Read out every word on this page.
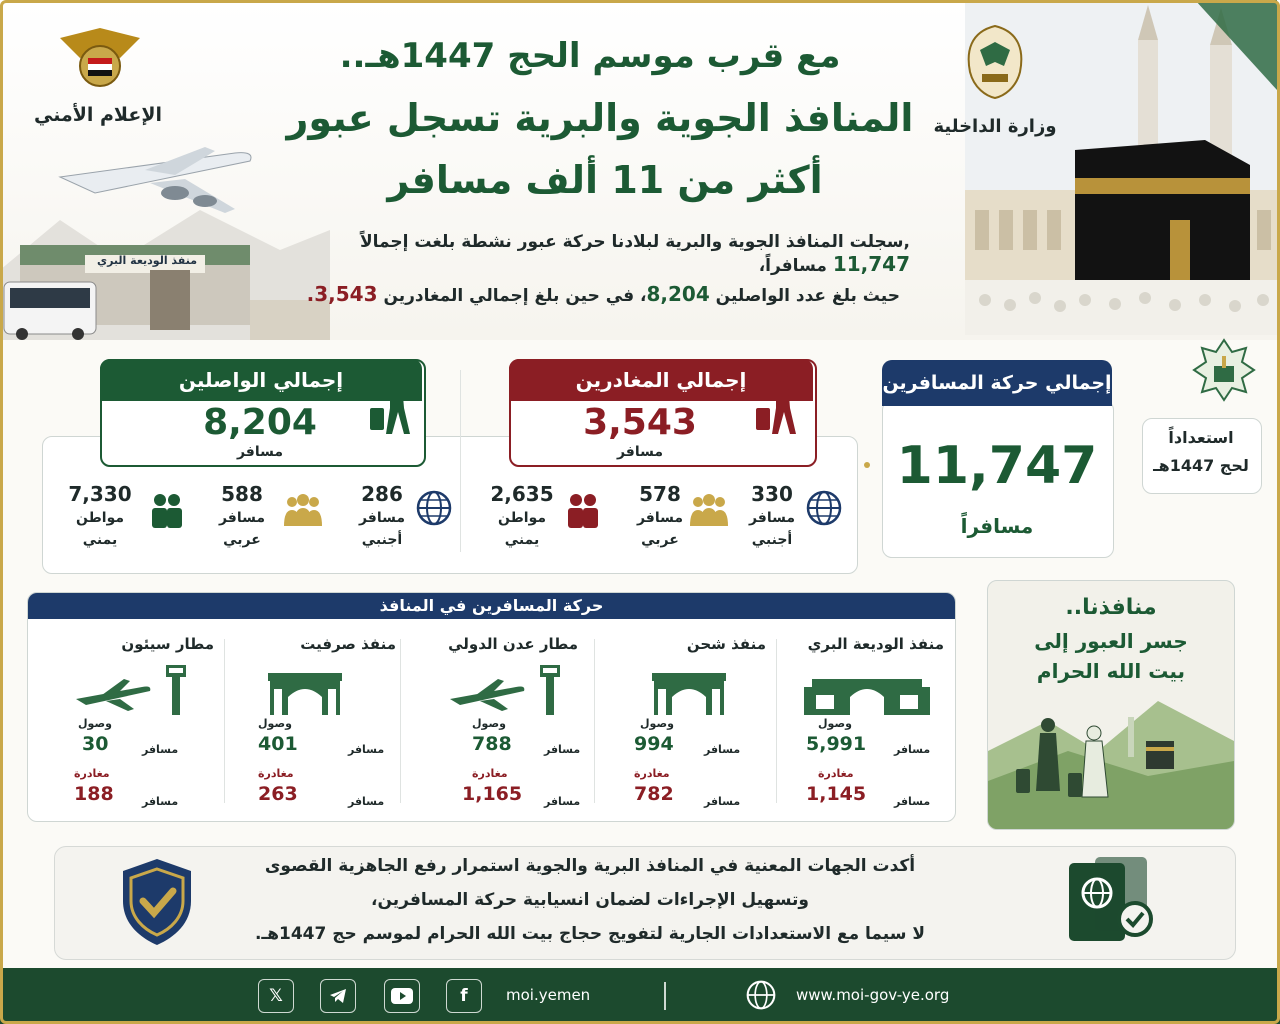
منفذ الوديعة البري
الإعلام الأمني
وزارة الداخلية
مع قرب موسم الحج 1447هـ..
المنافذ الجوية والبرية تسجل عبور
أكثر من 11 ألف مسافر
,سجلت المنافذ الجوية والبرية لبلادنا حركة عبور نشطة بلغت إجمالاً 11,747 مسافراً،
حيث بلغ عدد الواصلين 8,204، في حين بلغ إجمالي المغادرين 3,543.
إجمالي حركة المسافرين
11,747
مسافراً
استعداداً
لحج 1447هـ
إجمالي المغادرين
3,543
مسافر
إجمالي الواصلين
8,204
مسافر
330
مسافر
أجنبي
578
مسافر
عربي
2,635
مواطن
يمني
286
مسافر
أجنبي
588
مسافر
عربي
7,330
مواطن
يمني
حركة المسافرين في المنافذ
منفذ الوديعة البري
وصول
5,991	مسافر
مغادرة
1,145	مسافر
منفذ شحن
وصول
994	مسافر
مغادرة
782	مسافر
مطار عدن الدولي
وصول
788	مسافر
مغادرة
1,165 مسافر
منفذ صرفيت
وصول
401	مسافر
مغادرة
263	مسافر
مطار سيئون
وصول
30	مسافر
مغادرة
188	مسافر
منافذنا..
جسر العبور إلى
بيت الله الحرام
أكدت الجهات المعنية في المنافذ البرية والجوية استمرار رفع الجاهزية القصوى
وتسهيل الإجراءات لضمان انسيابية حركة المسافرين،
لا سيما مع الاستعدادات الجارية لتفويج حجاج بيت الله الحرام لموسم حج 1447هـ.
𝕏	f	moi.yemen	www.moi-gov-ye.org
